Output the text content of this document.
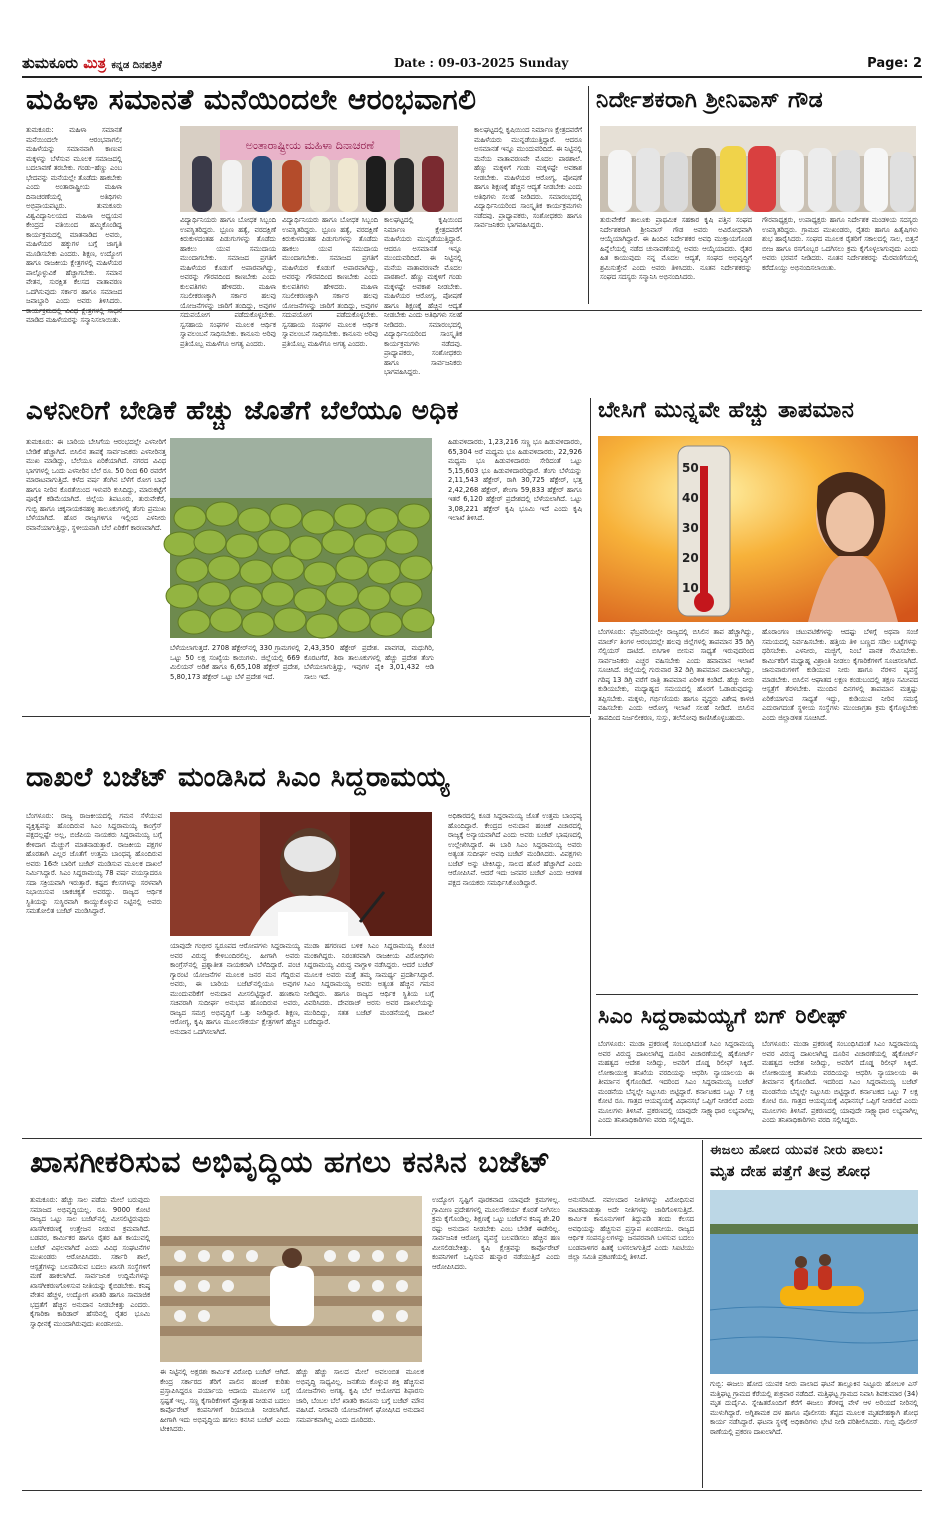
ತುಮಕೂರು ಮಿತ್ರ ಕನ್ನಡ ದಿನಪತ್ರಿಕೆ	Date : 09-03-2025 Sunday	Page: 2
ಮಹಿಳಾ ಸಮಾನತೆ ಮನೆಯಿಂದಲೇ ಆರಂಭವಾಗಲಿ
ತುಮಕೂರು: ಮಹಿಳಾ ಸಮಾನತೆ ಮನೆಯಿಂದಲೇ ಆರಂಭವಾಗಲಿ; ಮಹಿಳೆಯನ್ನು ಸಮಾನವಾಗಿ ಕಾಣುವ ಮಕ್ಕಳನ್ನು ಬೆಳೆಸುವ ಮೂಲಕ ಸಮಾಜದಲ್ಲಿ ಬದಲಾವಣೆ ತರಬೇಕು. ಗಂಡು–ಹೆಣ್ಣು ಎಂಬ ಭೇದವನ್ನು ಮನೆಯಲ್ಲೇ ತೊಡೆದು ಹಾಕಬೇಕು ಎಂದು ಅಂತಾರಾಷ್ಟ್ರೀಯ ಮಹಿಳಾ ದಿನಾಚರಣೆಯಲ್ಲಿ ಅತಿಥಿಗಳು ಅಭಿಪ್ರಾಯಪಟ್ಟರು. ತುಮಕೂರು ವಿಶ್ವವಿದ್ಯಾನಿಲಯದ ಮಹಿಳಾ ಅಧ್ಯಯನ ಕೇಂದ್ರದ ವತಿಯಿಂದ ಹಮ್ಮಿಕೊಂಡಿದ್ದ ಕಾರ್ಯಕ್ರಮದಲ್ಲಿ ಮಾತನಾಡಿದ ಅವರು, ಮಹಿಳೆಯರ ಹಕ್ಕುಗಳ ಬಗ್ಗೆ ಜಾಗೃತಿ ಮೂಡಿಸಬೇಕು ಎಂದರು. ಶಿಕ್ಷಣ, ಉದ್ಯೋಗ ಹಾಗೂ ರಾಜಕೀಯ ಕ್ಷೇತ್ರಗಳಲ್ಲಿ ಮಹಿಳೆಯರ ಪಾಲ್ಗೊಳ್ಳುವಿಕೆ ಹೆಚ್ಚಾಗಬೇಕು. ಸಮಾನ ವೇತನ, ಸುರಕ್ಷಿತ ಕೆಲಸದ ವಾತಾವರಣ ಒದಗಿಸುವುದು ಸರ್ಕಾರ ಹಾಗೂ ಸಮಾಜದ ಜವಾಬ್ದಾರಿ ಎಂದು ಅವರು ತಿಳಿಸಿದರು. ಮಾಡಿದ ಮಹಿಳೆಯರನ್ನು ಸನ್ಮಾನಿಸಲಾಯಿತು.
ಅಂತಾರಾಷ್ಟ್ರೀಯ ಮಹಿಳಾ ದಿನಾಚರಣೆ
ವಿದ್ಯಾರ್ಥಿನಿಯರು ಹಾಗೂ ಬೋಧಕ ಸಿಬ್ಬಂದಿ ಉಪಸ್ಥಿತರಿದ್ದರು. ಭ್ರೂಣ ಹತ್ಯೆ, ವರದಕ್ಷಿಣೆ ಕಿರುಕುಳದಂತಹ ಪಿಡುಗುಗಳನ್ನು ತೊಡೆದು ಹಾಕಲು ಯುವ ಸಮುದಾಯ ಮುಂದಾಗಬೇಕು. ಸಮಾಜದ ಪ್ರಗತಿಗೆ ಮಹಿಳೆಯರ ಕೊಡುಗೆ ಅಪಾರವಾಗಿದ್ದು, ಅವರನ್ನು ಗೌರವದಿಂದ ಕಾಣಬೇಕು ಎಂದು ಕುಲಪತಿಗಳು ಹೇಳಿದರು. ಮಹಿಳಾ ಸಬಲೀಕರಣಕ್ಕಾಗಿ ಸರ್ಕಾರ ಹಲವು ಯೋಜನೆಗಳನ್ನು ಜಾರಿಗೆ ತಂದಿದ್ದು, ಅವುಗಳ ಸದುಪಯೋಗ ಪಡೆದುಕೊಳ್ಳಬೇಕು. ಸ್ವಸಹಾಯ ಸಂಘಗಳ ಮೂಲಕ ಆರ್ಥಿಕ ಸ್ವಾವಲಂಬನೆ ಸಾಧಿಸಬೇಕು. ಕಾನೂನು ಅರಿವು ಪ್ರತಿಯೊಬ್ಬ ಮಹಿಳೆಗೂ ಅಗತ್ಯ ಎಂದರು.
ವಿದ್ಯಾರ್ಥಿನಿಯರು ಹಾಗೂ ಬೋಧಕ ಸಿಬ್ಬಂದಿ ಉಪಸ್ಥಿತರಿದ್ದರು. ಭ್ರೂಣ ಹತ್ಯೆ, ವರದಕ್ಷಿಣೆ ಕಿರುಕುಳದಂತಹ ಪಿಡುಗುಗಳನ್ನು ತೊಡೆದು ಹಾಕಲು ಯುವ ಸಮುದಾಯ ಮುಂದಾಗಬೇಕು. ಸಮಾಜದ ಪ್ರಗತಿಗೆ ಮಹಿಳೆಯರ ಕೊಡುಗೆ ಅಪಾರವಾಗಿದ್ದು, ಅವರನ್ನು ಗೌರವದಿಂದ ಕಾಣಬೇಕು ಎಂದು ಕುಲಪತಿಗಳು ಹೇಳಿದರು. ಮಹಿಳಾ ಸಬಲೀಕರಣಕ್ಕಾಗಿ ಸರ್ಕಾರ ಹಲವು ಯೋಜನೆಗಳನ್ನು ಜಾರಿಗೆ ತಂದಿದ್ದು, ಅವುಗಳ ಸದುಪಯೋಗ ಪಡೆದುಕೊಳ್ಳಬೇಕು. ಸ್ವಸಹಾಯ ಸಂಘಗಳ ಮೂಲಕ ಆರ್ಥಿಕ ಸ್ವಾವಲಂಬನೆ ಸಾಧಿಸಬೇಕು. ಕಾನೂನು ಅರಿವು ಪ್ರತಿಯೊಬ್ಬ ಮಹಿಳೆಗೂ ಅಗತ್ಯ ಎಂದರು.
ಕಾಲಘಟ್ಟದಲ್ಲಿ ಕೃಷಿಯಿಂದ ನಿರ್ಮಾಣ ಕ್ಷೇತ್ರದವರೆಗೆ ಮಹಿಳೆಯರು ಮುನ್ನಡೆಯುತ್ತಿದ್ದಾರೆ. ಆದರೂ ಅಸಮಾನತೆ ಇನ್ನೂ ಮುಂದುವರಿದಿದೆ. ಈ ನಿಟ್ಟಿನಲ್ಲಿ ಮನೆಯ ವಾತಾವರಣವೇ ಮೊದಲ ಪಾಠಶಾಲೆ. ಹೆಣ್ಣು ಮಕ್ಕಳಿಗೆ ಗಂಡು ಮಕ್ಕಳಷ್ಟೇ ಅವಕಾಶ ನೀಡಬೇಕು. ಮಹಿಳೆಯರ ಆರೋಗ್ಯ, ಪೋಷಣೆ ಹಾಗೂ ಶಿಕ್ಷಣಕ್ಕೆ ಹೆಚ್ಚಿನ ಆದ್ಯತೆ ನೀಡಬೇಕು ಎಂದು ಅತಿಥಿಗಳು ಸಲಹೆ ನೀಡಿದರು. ಸಮಾರಂಭದಲ್ಲಿ ವಿದ್ಯಾರ್ಥಿನಿಯರಿಂದ ಸಾಂಸ್ಕೃತಿಕ ಕಾರ್ಯಕ್ರಮಗಳು ನಡೆದವು. ಪ್ರಾಧ್ಯಾಪಕರು, ಸಂಶೋಧಕರು ಹಾಗೂ ಸಾರ್ವಜನಿಕರು ಭಾಗವಹಿಸಿದ್ದರು.
ಕಾಲಘಟ್ಟದಲ್ಲಿ ಕೃಷಿಯಿಂದ ನಿರ್ಮಾಣ ಕ್ಷೇತ್ರದವರೆಗೆ ಮಹಿಳೆಯರು ಮುನ್ನಡೆಯುತ್ತಿದ್ದಾರೆ. ಆದರೂ ಅಸಮಾನತೆ ಇನ್ನೂ ಮುಂದುವರಿದಿದೆ. ಈ ನಿಟ್ಟಿನಲ್ಲಿ ಮನೆಯ ವಾತಾವರಣವೇ ಮೊದಲ ಪಾಠಶಾಲೆ. ಹೆಣ್ಣು ಮಕ್ಕಳಿಗೆ ಗಂಡು ಮಕ್ಕಳಷ್ಟೇ ಅವಕಾಶ ನೀಡಬೇಕು. ಮಹಿಳೆಯರ ಆರೋಗ್ಯ, ಪೋಷಣೆ ಹಾಗೂ ಶಿಕ್ಷಣಕ್ಕೆ ಹೆಚ್ಚಿನ ಆದ್ಯತೆ ನೀಡಬೇಕು ಎಂದು ಅತಿಥಿಗಳು ಸಲಹೆ ನೀಡಿದರು. ಸಮಾರಂಭದಲ್ಲಿ ವಿದ್ಯಾರ್ಥಿನಿಯರಿಂದ ಸಾಂಸ್ಕೃತಿಕ ಕಾರ್ಯಕ್ರಮಗಳು ನಡೆದವು. ಪ್ರಾಧ್ಯಾಪಕರು, ಸಂಶೋಧಕರು ಹಾಗೂ ಸಾರ್ವಜನಿಕರು ಭಾಗವಹಿಸಿದ್ದರು.
ನಿರ್ದೇಶಕರಾಗಿ ಶ್ರೀನಿವಾಸ್ ಗೌಡ
ತುರುವೇಕೆರೆ ತಾಲೂಕು ಪ್ರಾಥಮಿಕ ಸಹಕಾರ ಕೃಷಿ ಪತ್ತಿನ ಸಂಘದ ನಿರ್ದೇಶಕರಾಗಿ ಶ್ರೀನಿವಾಸ್ ಗೌಡ ಅವರು ಅವಿರೋಧವಾಗಿ ಆಯ್ಕೆಯಾಗಿದ್ದಾರೆ. ಈ ಹಿಂದಿನ ನಿರ್ದೇಶಕರ ಅವಧಿ ಮುಕ್ತಾಯಗೊಂಡ ಹಿನ್ನೆಲೆಯಲ್ಲಿ ನಡೆದ ಚುನಾವಣೆಯಲ್ಲಿ ಅವರು ಆಯ್ಕೆಯಾದರು. ರೈತರ ಹಿತ ಕಾಯುವುದು ನನ್ನ ಮೊದಲ ಆದ್ಯತೆ, ಸಂಘದ ಅಭಿವೃದ್ಧಿಗೆ ಶ್ರಮಿಸುತ್ತೇನೆ ಎಂದು ಅವರು ತಿಳಿಸಿದರು. ನೂತನ ನಿರ್ದೇಶಕರನ್ನು ಸಂಘದ ಸದಸ್ಯರು ಸನ್ಮಾನಿಸಿ ಅಭಿನಂದಿಸಿದರು.
ಗೌರವಾಧ್ಯಕ್ಷರು, ಉಪಾಧ್ಯಕ್ಷರು ಹಾಗೂ ನಿರ್ದೇಶಕ ಮಂಡಳಿಯ ಸದಸ್ಯರು ಉಪಸ್ಥಿತರಿದ್ದರು. ಗ್ರಾಮದ ಮುಖಂಡರು, ರೈತರು ಹಾಗೂ ಹಿತೈಷಿಗಳು ಶುಭ ಹಾರೈಸಿದರು. ಸಂಘದ ಮೂಲಕ ರೈತರಿಗೆ ಸಕಾಲದಲ್ಲಿ ಸಾಲ, ಬಿತ್ತನೆ ಬೀಜ ಹಾಗೂ ರಸಗೊಬ್ಬರ ಒದಗಿಸಲು ಕ್ರಮ ಕೈಗೊಳ್ಳಲಾಗುವುದು ಎಂದು ಅವರು ಭರವಸೆ ನೀಡಿದರು. ನೂತನ ನಿರ್ದೇಶಕರನ್ನು ಮೆರವಣಿಗೆಯಲ್ಲಿ ಕರೆದೊಯ್ದು ಅಭಿನಂದಿಸಲಾಯಿತು.
ಎಳನೀರಿಗೆ ಬೇಡಿಕೆ ಹೆಚ್ಚು ಜೊತೆಗೆ ಬೆಲೆಯೂ ಅಧಿಕ
ತುಮಕೂರು: ಈ ಬಾರಿಯ ಬೇಸಿಗೆಯ ಆರಂಭದಲ್ಲೇ ಎಳನೀರಿಗೆ ಬೇಡಿಕೆ ಹೆಚ್ಚಾಗಿದೆ. ಬಿಸಿಲಿನ ತಾಪಕ್ಕೆ ಸಾರ್ವಜನಿಕರು ಎಳನೀರಿನತ್ತ ಮುಖ ಮಾಡಿದ್ದು, ಬೆಲೆಯೂ ಏರಿಕೆಯಾಗಿದೆ. ನಗರದ ವಿವಿಧ ಭಾಗಗಳಲ್ಲಿ ಒಂದು ಎಳನೀರಿನ ಬೆಲೆ ರೂ. 50 ರಿಂದ 60 ರವರೆಗೆ ಮಾರಾಟವಾಗುತ್ತಿದೆ. ಕಳೆದ ವರ್ಷ ತೆಂಗಿನ ಬೆಳೆಗೆ ರೋಗ ಬಾಧೆ ಹಾಗೂ ನೀರಿನ ಕೊರತೆಯಿಂದ ಇಳುವರಿ ಕುಸಿದಿದ್ದು, ಮಾರುಕಟ್ಟೆಗೆ ಪೂರೈಕೆ ಕಡಿಮೆಯಾಗಿದೆ. ಜಿಲ್ಲೆಯ ತಿಪಟೂರು, ತುರುವೇಕೆರೆ, ಗುಬ್ಬಿ ಹಾಗೂ ಚಿಕ್ಕನಾಯಕನಹಳ್ಳಿ ತಾಲೂಕುಗಳಲ್ಲಿ ತೆಂಗು ಪ್ರಮುಖ ಬೆಳೆಯಾಗಿದೆ. ಹೊರ ರಾಜ್ಯಗಳಿಗೂ ಇಲ್ಲಿಂದ ಎಳನೀರು ರವಾನೆಯಾಗುತ್ತಿದ್ದು, ಸ್ಥಳೀಯವಾಗಿ ಬೆಲೆ ಏರಿಕೆಗೆ ಕಾರಣವಾಗಿದೆ.
ಬೆಳೆಯಲಾಗುತ್ತದೆ. 2708 ಹೆಕ್ಟೇರ್‌ನಲ್ಲಿ 330 ಗ್ರಾಮಗಳಲ್ಲಿ ಒಟ್ಟು 50 ಲಕ್ಷ ಸಂಖ್ಯೆಯ ಕಾಯಿಗಳು. ಜಿಲ್ಲೆಯಲ್ಲಿ 669 ಮಿಲಿಯನ್ ಅಡಿಕೆ ಹಾಗೂ 6,65,108 ಹೆಕ್ಟೇರ್ ಪ್ರದೇಶ, 5,80,173 ಹೆಕ್ಟೇರ್ ಒಟ್ಟು ಬೆಳೆ ಪ್ರದೇಶ ಇದೆ.
2,43,350 ಹೆಕ್ಟೇರ್ ಪ್ರದೇಶ. ಪಾವಗಡ, ಮಧುಗಿರಿ, ಕೊರಟಗೆರೆ, ಶಿರಾ ತಾಲೂಕುಗಳಲ್ಲಿ ಹೆಚ್ಚು ಪ್ರದೇಶ ತೆಂಗು ಬೆಳೆಯಲಾಗುತ್ತಿದ್ದು, ಇವುಗಳ ಪೈಕಿ 3,01,432 ಆಡಿ ಸಾಲು ಇದೆ.
ಹಿಡುವಳಿದಾರರು, 1,23,216 ಸಣ್ಣ ಭೂ ಹಿಡುವಳಿದಾರರು, 65,304 ಅರೆ ಮಧ್ಯಮ ಭೂ ಹಿಡುವಳಿದಾರರು, 22,926 ಮಧ್ಯಮ ಭೂ ಹಿಡುವಳಿದಾರರು ಸೇರಿದಂತೆ ಒಟ್ಟು 5,15,603 ಭೂ ಹಿಡುವಳಿದಾರರಿದ್ದಾರೆ. ತೆಂಗು ಬೆಳೆಯನ್ನು 2,11,543 ಹೆಕ್ಟೇರ್, ರಾಗಿ 30,725 ಹೆಕ್ಟೇರ್, ಭತ್ತ 2,42,268 ಹೆಕ್ಟೇರ್, ಶೇಂಗಾ 59,833 ಹೆಕ್ಟೇರ್ ಹಾಗೂ ಇತರೆ 6,120 ಹೆಕ್ಟೇರ್ ಪ್ರದೇಶದಲ್ಲಿ ಬೆಳೆಯಲಾಗಿದೆ. ಒಟ್ಟು 3,08,221 ಹೆಕ್ಟೇರ್ ಕೃಷಿ ಭೂಮಿ ಇದೆ ಎಂದು ಕೃಷಿ ಇಲಾಖೆ ತಿಳಿಸಿದೆ.
ಬೇಸಿಗೆ ಮುನ್ನವೇ ಹೆಚ್ಚು ತಾಪಮಾನ
50
40
30
20
10
ಬೆಂಗಳೂರು: ಫೆಬ್ರವರಿಯಲ್ಲೇ ರಾಜ್ಯದಲ್ಲಿ ಬಿಸಿಲಿನ ತಾಪ ಹೆಚ್ಚಾಗಿದ್ದು, ಮಾರ್ಚ್ ತಿಂಗಳ ಆರಂಭದಲ್ಲೇ ಹಲವು ಜಿಲ್ಲೆಗಳಲ್ಲಿ ತಾಪಮಾನ 35 ಡಿಗ್ರಿ ಸೆಲ್ಸಿಯಸ್ ದಾಟಿದೆ. ಬಿಸಿಗಾಳಿ ಬೀಸುವ ಸಾಧ್ಯತೆ ಇರುವುದರಿಂದ ಸಾರ್ವಜನಿಕರು ಎಚ್ಚರ ವಹಿಸಬೇಕು ಎಂದು ಹವಾಮಾನ ಇಲಾಖೆ ಸೂಚಿಸಿದೆ. ಜಿಲ್ಲೆಯಲ್ಲಿ ಗುರುವಾರ 32 ಡಿಗ್ರಿ ತಾಪಮಾನ ದಾಖಲಾಗಿದ್ದು, ಗರಿಷ್ಠ 13 ಡಿಗ್ರಿ ವರೆಗೆ ರಾತ್ರಿ ತಾಪಮಾನ ಏರಿಳಿತ ಕಂಡಿದೆ. ಹೆಚ್ಚು ನೀರು ಕುಡಿಯಬೇಕು, ಮಧ್ಯಾಹ್ನದ ಸಮಯದಲ್ಲಿ ಹೊರಗೆ ಓಡಾಡುವುದನ್ನು ತಪ್ಪಿಸಬೇಕು. ಮಕ್ಕಳು, ಗರ್ಭಿಣಿಯರು ಹಾಗೂ ವೃದ್ಧರು ವಿಶೇಷ ಕಾಳಜಿ ವಹಿಸಬೇಕು ಎಂದು ಆರೋಗ್ಯ ಇಲಾಖೆ ಸಲಹೆ ನೀಡಿದೆ. ಬಿಸಿಲಿನ ತಾಪದಿಂದ ನಿರ್ಜಲೀಕರಣ, ಸುಸ್ತು, ತಲೆನೋವು ಕಾಣಿಸಿಕೊಳ್ಳಬಹುದು.
ಹೊರಾಂಗಣ ಚಟುವಟಿಕೆಗಳನ್ನು ಆದಷ್ಟು ಬೆಳಿಗ್ಗೆ ಅಥವಾ ಸಂಜೆ ಸಮಯದಲ್ಲಿ ನಿರ್ವಹಿಸಬೇಕು. ಹತ್ತಿಯ ತಿಳಿ ಬಣ್ಣದ ಸಡಿಲ ಬಟ್ಟೆಗಳನ್ನು ಧರಿಸಬೇಕು. ಎಳನೀರು, ಮಜ್ಜಿಗೆ, ನಿಂಬೆ ಪಾನಕ ಸೇವಿಸಬೇಕು. ಕಾರ್ಮಿಕರಿಗೆ ಮಧ್ಯಾಹ್ನ ವಿಶ್ರಾಂತಿ ನೀಡಲು ಕೈಗಾರಿಕೆಗಳಿಗೆ ಸೂಚಿಸಲಾಗಿದೆ. ಜಾನುವಾರುಗಳಿಗೆ ಕುಡಿಯುವ ನೀರು ಹಾಗೂ ನೆರಳಿನ ವ್ಯವಸ್ಥೆ ಮಾಡಬೇಕು. ಬಿಸಿಲಿನ ಆಘಾತದ ಲಕ್ಷಣ ಕಂಡುಬಂದಲ್ಲಿ ತಕ್ಷಣ ಸಮೀಪದ ಆಸ್ಪತ್ರೆಗೆ ತೆರಳಬೇಕು. ಮುಂದಿನ ದಿನಗಳಲ್ಲಿ ತಾಪಮಾನ ಮತ್ತಷ್ಟು ಏರಿಕೆಯಾಗುವ ಸಾಧ್ಯತೆ ಇದ್ದು, ಕುಡಿಯುವ ನೀರಿನ ಸಮಸ್ಯೆ ಎದುರಾಗದಂತೆ ಸ್ಥಳೀಯ ಸಂಸ್ಥೆಗಳು ಮುಂಜಾಗ್ರತಾ ಕ್ರಮ ಕೈಗೊಳ್ಳಬೇಕು ಎಂದು ಜಿಲ್ಲಾಡಳಿತ ಸೂಚಿಸಿದೆ.
ದಾಖಲೆ ಬಜೆಟ್ ಮಂಡಿಸಿದ ಸಿಎಂ ಸಿದ್ದರಾಮಯ್ಯ
ಬೆಂಗಳೂರು: ರಾಜ್ಯ ರಾಜಕೀಯದಲ್ಲಿ ಗಮನ ಸೆಳೆಯುವ ವ್ಯಕ್ತಿತ್ವವನ್ನು ಹೊಂದಿರುವ ಸಿಎಂ ಸಿದ್ದರಾಮಯ್ಯ ಕಾಂಗ್ರೆಸ್ ಪಕ್ಷದಲ್ಲಷ್ಟೇ ಅಲ್ಲ, ಬಿಜೆಪಿಯ ನಾಯಕರು ಸಿದ್ದರಾಮಯ್ಯ ಬಗ್ಗೆ ಕೇಳಿದಾಗ ಮೆಚ್ಚುಗೆ ಮಾತನಾಡುತ್ತಾರೆ. ರಾಜಕೀಯ ಪಕ್ಷಗಳ ಹೊರತಾಗಿ ಎಲ್ಲರ ಜೊತೆಗೆ ಉತ್ತಮ ಬಾಂಧವ್ಯ ಹೊಂದಿರುವ ಅವರು 16ನೇ ಬಾರಿಗೆ ಬಜೆಟ್ ಮಂಡಿಸುವ ಮೂಲಕ ದಾಖಲೆ ನಿರ್ಮಿಸಿದ್ದಾರೆ. ಸಿಎಂ ಸಿದ್ದರಾಮಯ್ಯ 78 ವರ್ಷ ವಯಸ್ಸಾದರೂ ಸದಾ ಸಕ್ರಿಯವಾಗಿ ಇರುತ್ತಾರೆ. ಕಷ್ಟದ ಕೆಲಸಗಳನ್ನು ಸರಳವಾಗಿ ನಿಭಾಯಿಸುವ ಚಾಕಚಕ್ಯತೆ ಅವರದ್ದು. ರಾಜ್ಯದ ಆರ್ಥಿಕ ಸ್ಥಿತಿಯನ್ನು ಸುಸ್ಥಿರವಾಗಿ ಕಾಯ್ದುಕೊಳ್ಳುವ ನಿಟ್ಟಿನಲ್ಲಿ ಅವರು ಸಮತೋಲಿತ ಬಜೆಟ್ ಮಂಡಿಸಿದ್ದಾರೆ.
ಯಾವುದೇ ಗಂಭೀರ ಸ್ವರೂಪದ ಆರೋಪಗಳು ಸಿದ್ದರಾಮಯ್ಯ ಅವರ ವಿರುದ್ಧ ಕೇಳಿಬಂದಿರಲಿಲ್ಲ. ಹೀಗಾಗಿ ಅವರು ಕಾಂಗ್ರೆಸ್‌ನಲ್ಲಿ ಪ್ರಶ್ನಾತೀತ ನಾಯಕರಾಗಿ ಬೆಳೆದಿದ್ದಾರೆ. ಪಂಚ ಗ್ಯಾರಂಟಿ ಯೋಜನೆಗಳ ಮೂಲಕ ಜನರ ಮನ ಗೆದ್ದಿರುವ ಅವರು, ಈ ಬಾರಿಯ ಬಜೆಟ್‌ನಲ್ಲಿಯೂ ಅವುಗಳ ಮುಂದುವರಿಕೆಗೆ ಅನುದಾನ ಮೀಸಲಿಟ್ಟಿದ್ದಾರೆ. ಹಣಕಾಸು ಸಚಿವರಾಗಿ ಸುದೀರ್ಘ ಅನುಭವ ಹೊಂದಿರುವ ಅವರು, ರಾಜ್ಯದ ಸಮಗ್ರ ಅಭಿವೃದ್ಧಿಗೆ ಒತ್ತು ನೀಡಿದ್ದಾರೆ. ಶಿಕ್ಷಣ, ಆರೋಗ್ಯ, ಕೃಷಿ ಹಾಗೂ ಮೂಲಸೌಕರ್ಯ ಕ್ಷೇತ್ರಗಳಿಗೆ ಹೆಚ್ಚಿನ ಅನುದಾನ ಒದಗಿಸಲಾಗಿದೆ.
ಮುಡಾ ಹಗರಣದ ಬಳಿಕ ಸಿಎಂ ಸಿದ್ದರಾಮಯ್ಯ ಕೊಂಚ ಮಂಕಾಗಿದ್ದರು. ನಿರಂತರವಾಗಿ ರಾಜಕೀಯ ವಿರೋಧಿಗಳು ಸಿದ್ದರಾಮಯ್ಯ ವಿರುದ್ಧ ವಾಗ್ದಾಳಿ ನಡೆಸಿದ್ದರು. ಆದರೆ ಬಜೆಟ್ ಮೂಲಕ ಅವರು ಮತ್ತೆ ತಮ್ಮ ಸಾಮರ್ಥ್ಯ ಪ್ರದರ್ಶಿಸಿದ್ದಾರೆ. ಸಿಎಂ ಸಿದ್ದರಾಮಯ್ಯ ಅವರು ಅತ್ಯಂತ ಹೆಚ್ಚಿನ ಗಮನ ನೀಡಿದ್ದರು. ಹಾಗೂ ರಾಜ್ಯದ ಆರ್ಥಿಕ ಸ್ಥಿತಿಯ ಬಗ್ಗೆ ವಿವರಿಸಿದರು. ದೇವರಾಜ್ ಅರಸು ಅವರ ದಾಖಲೆಯನ್ನು ಮುರಿದಿದ್ದು, ಸತತ ಬಜೆಟ್ ಮಂಡನೆಯಲ್ಲಿ ದಾಖಲೆ ಬರೆದಿದ್ದಾರೆ.
ಅಧಿಕಾರದಲ್ಲಿ ಕೂಡ ಸಿದ್ದರಾಮಯ್ಯ ಜೊತೆ ಉತ್ತಮ ಬಾಂಧವ್ಯ ಹೊಂದಿದ್ದಾರೆ. ಕೇಂದ್ರದ ಅನುದಾನ ಹಂಚಿಕೆ ವಿಚಾರದಲ್ಲಿ ರಾಜ್ಯಕ್ಕೆ ಅನ್ಯಾಯವಾಗಿದೆ ಎಂದು ಅವರು ಬಜೆಟ್ ಭಾಷಣದಲ್ಲಿ ಉಲ್ಲೇಖಿಸಿದ್ದಾರೆ. ಈ ಬಾರಿ ಸಿಎಂ ಸಿದ್ದರಾಮಯ್ಯ ಅವರು ಅತ್ಯಂತ ಸುದೀರ್ಘ ಅವಧಿ ಬಜೆಟ್ ಮಂಡಿಸಿದರು. ವಿಪಕ್ಷಗಳು ಬಜೆಟ್ ಅನ್ನು ಟೀಕಿಸಿದ್ದು, ಸಾಲದ ಹೊರೆ ಹೆಚ್ಚಾಗಿದೆ ಎಂದು ಆರೋಪಿಸಿವೆ. ಆದರೆ ಇದು ಜನಪರ ಬಜೆಟ್ ಎಂದು ಆಡಳಿತ ಪಕ್ಷದ ನಾಯಕರು ಸಮರ್ಥಿಸಿಕೊಂಡಿದ್ದಾರೆ.
ಸಿಎಂ ಸಿದ್ದರಾಮಯ್ಯಗೆ ಬಿಗ್ ರಿಲೀಫ್
ಬೆಂಗಳೂರು: ಮುಡಾ ಪ್ರಕರಣಕ್ಕೆ ಸಂಬಂಧಿಸಿದಂತೆ ಸಿಎಂ ಸಿದ್ದರಾಮಯ್ಯ ಅವರ ವಿರುದ್ಧ ದಾಖಲಾಗಿದ್ದ ದೂರಿನ ವಿಚಾರಣೆಯಲ್ಲಿ ಹೈಕೋರ್ಟ್ ಮಹತ್ವದ ಆದೇಶ ನೀಡಿದ್ದು, ಅವರಿಗೆ ದೊಡ್ಡ ರಿಲೀಫ್ ಸಿಕ್ಕಿದೆ. ಲೋಕಾಯುಕ್ತ ತನಿಖೆಯ ವರದಿಯನ್ನು ಆಧರಿಸಿ ನ್ಯಾಯಾಲಯ ಈ ತೀರ್ಮಾನ ಕೈಗೊಂಡಿದೆ. ಇದರಿಂದ ಸಿಎಂ ಸಿದ್ದರಾಮಯ್ಯ ಬಜೆಟ್ ಮಂಡನೆಯ ಬೆನ್ನಲ್ಲೇ ನಿಟ್ಟುಸಿರು ಬಿಟ್ಟಿದ್ದಾರೆ. ಕರ್ನಾಟಕದ ಒಟ್ಟು 7 ಲಕ್ಷ ಕೋಟಿ ರೂ. ಗಾತ್ರದ ಆಯವ್ಯಯಕ್ಕೆ ವಿಧಾನಸಭೆ ಒಪ್ಪಿಗೆ ನೀಡಲಿದೆ ಎಂದು ಮೂಲಗಳು ತಿಳಿಸಿವೆ. ಪ್ರಕರಣದಲ್ಲಿ ಯಾವುದೇ ಸಾಕ್ಷ್ಯಾಧಾರ ಲಭ್ಯವಾಗಿಲ್ಲ ಎಂದು ತನಿಖಾಧಿಕಾರಿಗಳು ವರದಿ ಸಲ್ಲಿಸಿದ್ದರು.
ಬೆಂಗಳೂರು: ಮುಡಾ ಪ್ರಕರಣಕ್ಕೆ ಸಂಬಂಧಿಸಿದಂತೆ ಸಿಎಂ ಸಿದ್ದರಾಮಯ್ಯ ಅವರ ವಿರುದ್ಧ ದಾಖಲಾಗಿದ್ದ ದೂರಿನ ವಿಚಾರಣೆಯಲ್ಲಿ ಹೈಕೋರ್ಟ್ ಮಹತ್ವದ ಆದೇಶ ನೀಡಿದ್ದು, ಅವರಿಗೆ ದೊಡ್ಡ ರಿಲೀಫ್ ಸಿಕ್ಕಿದೆ. ಲೋಕಾಯುಕ್ತ ತನಿಖೆಯ ವರದಿಯನ್ನು ಆಧರಿಸಿ ನ್ಯಾಯಾಲಯ ಈ ತೀರ್ಮಾನ ಕೈಗೊಂಡಿದೆ. ಇದರಿಂದ ಸಿಎಂ ಸಿದ್ದರಾಮಯ್ಯ ಬಜೆಟ್ ಮಂಡನೆಯ ಬೆನ್ನಲ್ಲೇ ನಿಟ್ಟುಸಿರು ಬಿಟ್ಟಿದ್ದಾರೆ. ಕರ್ನಾಟಕದ ಒಟ್ಟು 7 ಲಕ್ಷ ಕೋಟಿ ರೂ. ಗಾತ್ರದ ಆಯವ್ಯಯಕ್ಕೆ ವಿಧಾನಸಭೆ ಒಪ್ಪಿಗೆ ನೀಡಲಿದೆ ಎಂದು ಮೂಲಗಳು ತಿಳಿಸಿವೆ. ಪ್ರಕರಣದಲ್ಲಿ ಯಾವುದೇ ಸಾಕ್ಷ್ಯಾಧಾರ ಲಭ್ಯವಾಗಿಲ್ಲ ಎಂದು ತನಿಖಾಧಿಕಾರಿಗಳು ವರದಿ ಸಲ್ಲಿಸಿದ್ದರು.
ಖಾಸಗೀಕರಿಸುವ ಅಭಿವೃದ್ಧಿಯ ಹಗಲು ಕನಸಿನ ಬಜೆಟ್
ತುಮಕೂರು: ಹೆಚ್ಚು ಸಾಲ ಪಡೆದು ಮೇಲೆ ಬರುವುದು ಸಮಾಜದ ಅಭಿವೃದ್ಧಿಯಲ್ಲ. ರೂ. 9000 ಕೋಟಿ ರಾಜ್ಯದ ಒಟ್ಟು ಸಾಲ ಬಜೆಟ್‌ನಲ್ಲಿ ಮೀಸಲಿಟ್ಟಿರುವುದು ಖಾಸಗೀಕರಣಕ್ಕೆ ಉತ್ತೇಜನ ನೀಡುವ ಕ್ರಮವಾಗಿದೆ. ಬಡವರ, ಕಾರ್ಮಿಕರ ಹಾಗೂ ರೈತರ ಹಿತ ಕಾಯುವಲ್ಲಿ ಬಜೆಟ್ ವಿಫಲವಾಗಿದೆ ಎಂದು ವಿವಿಧ ಸಂಘಟನೆಗಳ ಮುಖಂಡರು ಆರೋಪಿಸಿದರು. ಸರ್ಕಾರಿ ಶಾಲೆ, ಆಸ್ಪತ್ರೆಗಳನ್ನು ಬಲಪಡಿಸುವ ಬದಲು ಖಾಸಗಿ ಸಂಸ್ಥೆಗಳಿಗೆ ಮಣೆ ಹಾಕಲಾಗಿದೆ. ಸಾರ್ವಜನಿಕ ಉದ್ದಿಮೆಗಳನ್ನು ಖಾಸಗೀಕರಣಗೊಳಿಸುವ ನೀತಿಯನ್ನು ಕೈಬಿಡಬೇಕು. ಕನಿಷ್ಠ ವೇತನ ಹೆಚ್ಚಳ, ಉದ್ಯೋಗ ಖಾತರಿ ಹಾಗೂ ಸಾಮಾಜಿಕ ಭದ್ರತೆಗೆ ಹೆಚ್ಚಿನ ಅನುದಾನ ನೀಡಬೇಕಿತ್ತು ಎಂದರು. ಕೈಗಾರಿಕಾ ಕಾರಿಡಾರ್ ಹೆಸರಿನಲ್ಲಿ ರೈತರ ಭೂಮಿ ಸ್ವಾಧೀನಕ್ಕೆ ಮುಂದಾಗಿರುವುದು ಖಂಡನೀಯ.
ಈ ನಿಟ್ಟಿನಲ್ಲಿ ಅಕ್ಷರಶಃ ಕಾರ್ಮಿಕ ವಿರೋಧಿ ಬಜೆಟ್ ಆಗಿದೆ. ಕೇಂದ್ರ ಸರ್ಕಾರದ ತೆರಿಗೆ ಪಾಲಿನ ಹಂಚಿಕೆ ಕುರಿತು ಪ್ರಸ್ತಾಪಿಸಿದ್ದರೂ ಪರ್ಯಾಯ ಆದಾಯ ಮೂಲಗಳ ಬಗ್ಗೆ ಸ್ಪಷ್ಟತೆ ಇಲ್ಲ. ಸಣ್ಣ ಕೈಗಾರಿಕೆಗಳಿಗೆ ಪ್ರೋತ್ಸಾಹ ನೀಡುವ ಬದಲು ಕಾರ್ಪೊರೇಟ್ ಕಂಪನಿಗಳಿಗೆ ರಿಯಾಯಿತಿ ನೀಡಲಾಗಿದೆ. ಹೀಗಾಗಿ ಇದು ಅಭಿವೃದ್ಧಿಯ ಹಗಲು ಕನಸಿನ ಬಜೆಟ್ ಎಂದು ಟೀಕಿಸಿದರು.
ಹೆಚ್ಚು ಹೆಚ್ಚು ಸಾಲದ ಮೇಲೆ ಅವಲಂಬಿತ ಮೂಲಕ ಅಭಿವೃದ್ಧಿ ಸಾಧ್ಯವಿಲ್ಲ. ಜನತೆಯ ಕೊಳ್ಳುವ ಶಕ್ತಿ ಹೆಚ್ಚಿಸುವ ಯೋಜನೆಗಳು ಅಗತ್ಯ. ಕೃಷಿ ಬೆಲೆ ಆಯೋಗದ ಶಿಫಾರಸು ಜಾರಿ, ಬೆಂಬಲ ಬೆಲೆ ಖಾತರಿ ಕಾನೂನು ಬಗ್ಗೆ ಬಜೆಟ್ ಮೌನ ವಹಿಸಿದೆ. ನೀರಾವರಿ ಯೋಜನೆಗಳಿಗೆ ಘೋಷಿಸಿದ ಅನುದಾನ ಸಮರ್ಪಕವಾಗಿಲ್ಲ ಎಂದು ದೂರಿದರು.
ಉದ್ಯೋಗ ಸೃಷ್ಟಿಗೆ ಪೂರಕವಾದ ಯಾವುದೇ ಕ್ರಮಗಳಿಲ್ಲ. ಗ್ರಾಮೀಣ ಪ್ರದೇಶಗಳಲ್ಲಿ ಮೂಲಸೌಕರ್ಯ ಕೊರತೆ ನೀಗಿಸಲು ಕ್ರಮ ಕೈಗೊಂಡಿಲ್ಲ. ಶಿಕ್ಷಣಕ್ಕೆ ಒಟ್ಟು ಬಜೆಟ್‌ನ ಕನಿಷ್ಠ ಶೇ.20 ರಷ್ಟು ಅನುದಾನ ನೀಡಬೇಕು ಎಂಬ ಬೇಡಿಕೆ ಈಡೇರಿಲ್ಲ. ಸಾರ್ವಜನಿಕ ಆರೋಗ್ಯ ವ್ಯವಸ್ಥೆ ಬಲಪಡಿಸಲು ಹೆಚ್ಚಿನ ಹಣ ಮೀಸಲಿಡಬೇಕಿತ್ತು. ಕೃಷಿ ಕ್ಷೇತ್ರವನ್ನು ಕಾರ್ಪೊರೇಟ್ ಕಂಪನಿಗಳಿಗೆ ಒಪ್ಪಿಸುವ ಹುನ್ನಾರ ನಡೆಯುತ್ತಿದೆ ಎಂದು ಆರೋಪಿಸಿದರು.
ಅನುಸರಿಸಿದೆ. ನವಉದಾರ ನೀತಿಗಳನ್ನು ವಿರೋಧಿಸುವ ನಾಟಕವಾಡುತ್ತಾ ಅದೇ ನೀತಿಗಳನ್ನು ಜಾರಿಗೊಳಿಸುತ್ತಿದೆ. ಕಾರ್ಮಿಕ ಕಾನೂನುಗಳಿಗೆ ತಿದ್ದುಪಡಿ ತಂದು ಕೆಲಸದ ಅವಧಿಯನ್ನು ಹೆಚ್ಚಿಸುವ ಪ್ರಸ್ತಾಪ ಖಂಡನೀಯ. ರಾಜ್ಯದ ಆರ್ಥಿಕ ಸಂಪನ್ಮೂಲಗಳನ್ನು ಜನಪರವಾಗಿ ಬಳಸುವ ಬದಲು ಬಂಡವಾಳಿಗರ ಹಿತಕ್ಕೆ ಬಳಸಲಾಗುತ್ತಿದೆ ಎಂದು ಸಿಐಟಿಯು ಜಿಲ್ಲಾ ಸಮಿತಿ ಪ್ರಕಟಣೆಯಲ್ಲಿ ತಿಳಿಸಿದೆ.
ಈಜಲು ಹೋದ ಯುವಕ ನೀರು ಪಾಲು:
ಮೃತ ದೇಹ ಪತ್ತೆಗೆ ತೀವ್ರ ಶೋಧ
ಗುಬ್ಬಿ: ಈಜಲು ಹೋದ ಯುವಕ ನೀರು ಪಾಲಾದ ಘಟನೆ ತಾಲ್ಲೂಕಿನ ನಿಟ್ಟೂರು ಹೋಬಳಿ ಎಸ್ ಮತ್ತಿಘಟ್ಟ ಗ್ರಾಮದ ಕೆರೆಯಲ್ಲಿ ಶುಕ್ರವಾರ ನಡೆದಿದೆ. ಮತ್ತಿಘಟ್ಟ ಗ್ರಾಮದ ನಿವಾಸಿ ಶಿವಕುಮಾರ (34) ಮೃತ ದುರ್ದೈವಿ. ಸ್ನೇಹಿತರೊಂದಿಗೆ ಕೆರೆಗೆ ಈಜಲು ತೆರಳಿದ್ದ ವೇಳೆ ಆಳ ಅರಿಯದೆ ನೀರಿನಲ್ಲಿ ಮುಳುಗಿದ್ದಾರೆ. ಅಗ್ನಿಶಾಮಕ ದಳ ಹಾಗೂ ಪೊಲೀಸರು ತೆಪ್ಪದ ಮೂಲಕ ಮೃತದೇಹಕ್ಕಾಗಿ ಶೋಧ ಕಾರ್ಯ ನಡೆಸಿದ್ದಾರೆ. ಘಟನಾ ಸ್ಥಳಕ್ಕೆ ಅಧಿಕಾರಿಗಳು ಭೇಟಿ ನೀಡಿ ಪರಿಶೀಲಿಸಿದರು. ಗುಬ್ಬಿ ಪೊಲೀಸ್ ಠಾಣೆಯಲ್ಲಿ ಪ್ರಕರಣ ದಾಖಲಾಗಿದೆ.
